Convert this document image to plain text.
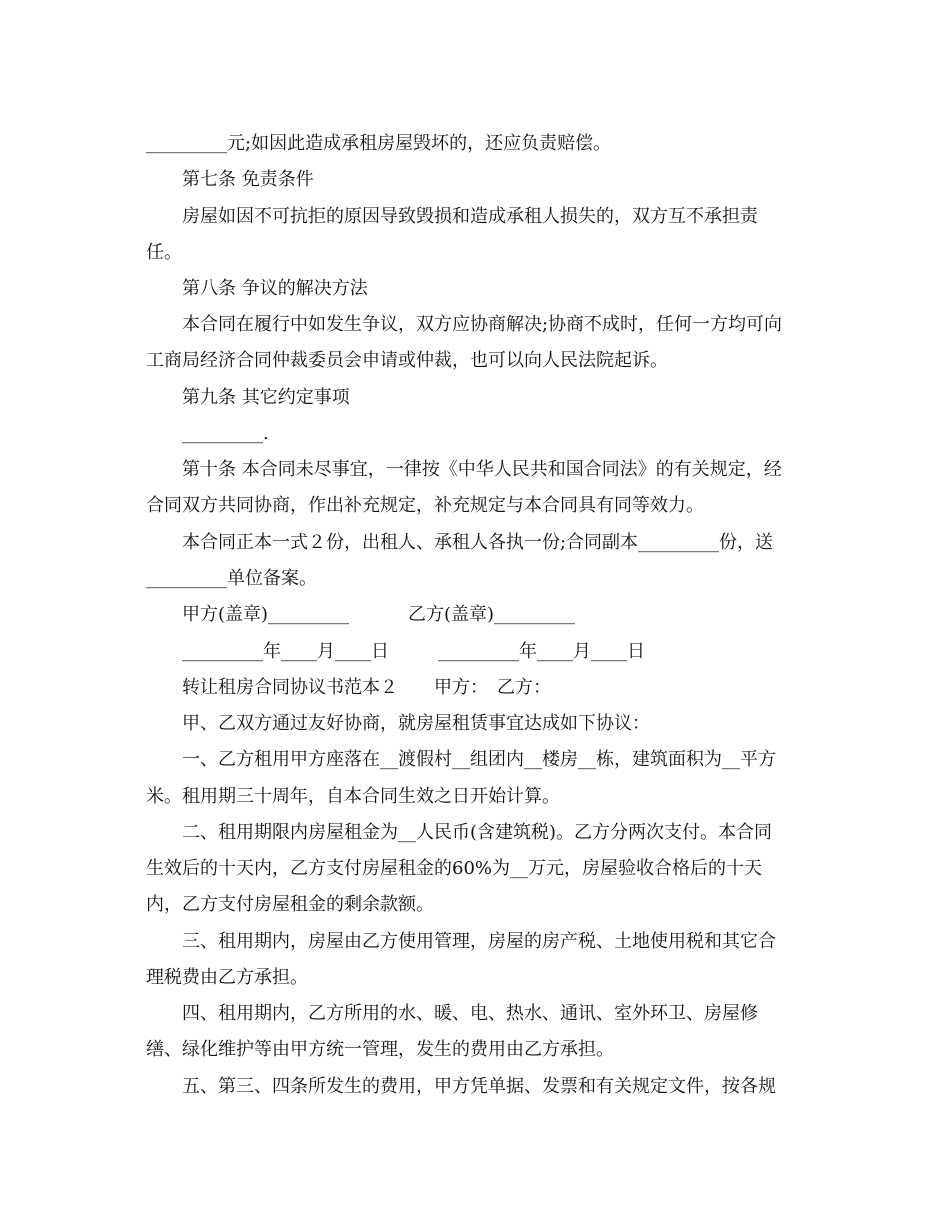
_________元;如因此造成承租房屋毁坏的，还应负责赔偿。

第七条 免责条件

房屋如因不可抗拒的原因导致毁损和造成承租人损失的，双方互不承担责

任。

第八条 争议的解决方法

本合同在履行中如发生争议，双方应协商解决;协商不成时，任何一方均可向

工商局经济合同仲裁委员会申请或仲裁，也可以向人民法院起诉。

第九条 其它约定事项

_________.

第十条 本合同未尽事宜，一律按《中华人民共和国合同法》的有关规定，经

合同双方共同协商，作出补充规定，补充规定与本合同具有同等效力。

本合同正本一式２份，出租人、承租人各执一份;合同副本_________份，送

_________单位备案。

甲方(盖章)_________	乙方(盖章)_________

_________年____月____日	_________年____月____日

转让租房合同协议书范本２　　甲方：　乙方：

甲、乙双方通过友好协商，就房屋租赁事宜达成如下协议：

一、乙方租用甲方座落在__渡假村__组团内__楼房__栋，建筑面积为__平方

米。租用期三十周年，自本合同生效之日开始计算。

二、租用期限内房屋租金为__人民币(含建筑税)。乙方分两次支付。本合同

生效后的十天内，乙方支付房屋租金的60%为__万元，房屋验收合格后的十天

内，乙方支付房屋租金的剩余款额。

三、租用期内，房屋由乙方使用管理，房屋的房产税、土地使用税和其它合

理税费由乙方承担。

四、租用期内，乙方所用的水、暖、电、热水、通讯、室外环卫、房屋修

缮、绿化维护等由甲方统一管理，发生的费用由乙方承担。

五、第三、四条所发生的费用，甲方凭单据、发票和有关规定文件，按各规
